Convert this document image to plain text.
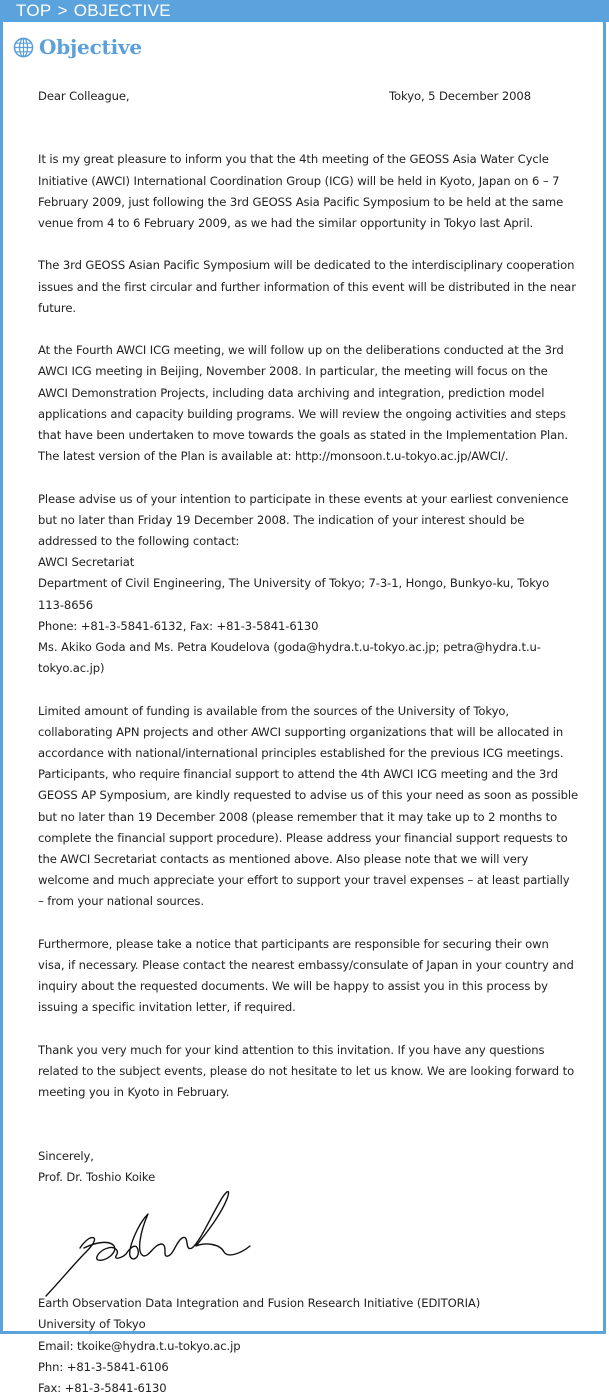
TOP > OBJECTIVE
Objective
Dear Colleague,	Tokyo, 5 December 2008

It is my great pleasure to inform you that the 4th meeting of the GEOSS Asia Water Cycle Initiative (AWCI) International Coordination Group (ICG) will be held in Kyoto, Japan on 6 – 7 February 2009, just following the 3rd GEOSS Asia Pacific Symposium to be held at the same venue from 4 to 6 February 2009, as we had the similar opportunity in Tokyo last April.

The 3rd GEOSS Asian Pacific Symposium will be dedicated to the interdisciplinary cooperation issues and the first circular and further information of this event will be distributed in the near future.

At the Fourth AWCI ICG meeting, we will follow up on the deliberations conducted at the 3rd AWCI ICG meeting in Beijing, November 2008. In particular, the meeting will focus on the AWCI Demonstration Projects, including data archiving and integration, prediction model applications and capacity building programs. We will review the ongoing activities and steps that have been undertaken to move towards the goals as stated in the Implementation Plan. The latest version of the Plan is available at: http://monsoon.t.u-tokyo.ac.jp/AWCI/.

Please advise us of your intention to participate in these events at your earliest convenience but no later than Friday 19 December 2008. The indication of your interest should be addressed to the following contact:

AWCI Secretariat

Department of Civil Engineering, The University of Tokyo; 7-3-1, Hongo, Bunkyo-ku, Tokyo 113-8656

Phone: +81-3-5841-6132, Fax: +81-3-5841-6130

Ms. Akiko Goda and Ms. Petra Koudelova (goda@hydra.t.u-tokyo.ac.jp; petra@hydra.t.u-tokyo.ac.jp)

Limited amount of funding is available from the sources of the University of Tokyo, collaborating APN projects and other AWCI supporting organizations that will be allocated in accordance with national/international principles established for the previous ICG meetings. Participants, who require financial support to attend the 4th AWCI ICG meeting and the 3rd GEOSS AP Symposium, are kindly requested to advise us of this your need as soon as possible but no later than 19 December 2008 (please remember that it may take up to 2 months to complete the financial support procedure). Please address your financial support requests to the AWCI Secretariat contacts as mentioned above. Also please note that we will very welcome and much appreciate your effort to support your travel expenses – at least partially – from your national sources.

Furthermore, please take a notice that participants are responsible for securing their own visa, if necessary. Please contact the nearest embassy/consulate of Japan in your country and inquiry about the requested documents. We will be happy to assist you in this process by issuing a specific invitation letter, if required.

Thank you very much for your kind attention to this invitation. If you have any questions related to the subject events, please do not hesitate to let us know. We are looking forward to meeting you in Kyoto in February.

Sincerely,

Prof. Dr. Toshio Koike

Earth Observation Data Integration and Fusion Research Initiative (EDITORIA)

University of Tokyo

Email: tkoike@hydra.t.u-tokyo.ac.jp

Phn: +81-3-5841-6106

Fax: +81-3-5841-6130
